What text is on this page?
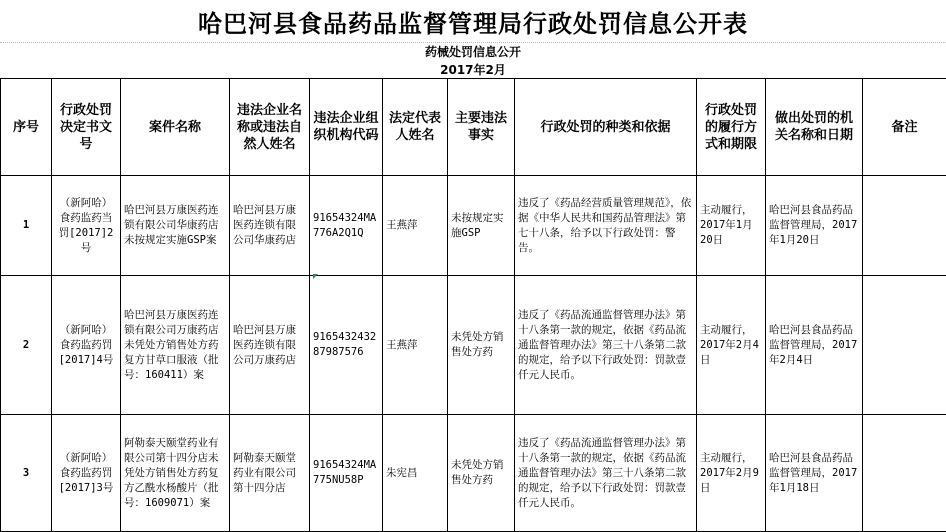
哈巴河县食品药品监督管理局行政处罚信息公开表
药械处罚信息公开
2017年2月
序号	行政处罚决定书文号	案件名称	违法企业名称或违法自然人姓名	违法企业组织机构代码	法定代表人姓名	主要违法事实	行政处罚的种类和依据	行政处罚的履行方式和期限	做出处罚的机关名称和日期	备注
1	（新阿哈）食药监药当罚[2017]2号	哈巴河县万康医药连锁有限公司华康药店未按规定实施GSP案	哈巴河县万康医药连锁有限公司华康药店	91654324MA776A2Q1Q	王燕萍	未按规定实施GSP	违反了《药品经营质量管理规范》，依据《中华人民共和国药品管理法》第七十八条，给予以下行政处罚：警告。	主动履行，2017年1月20日	哈巴河县食品药品监督管理局，2017年1月20日	
2	（新阿哈）食药监药罚[2017]4号	哈巴河县万康医药连锁有限公司万康药店未凭处方销售处方药复方甘草口服液（批号：160411）案	哈巴河县万康医药连锁有限公司万康药店	916543243287987576	王燕萍	未凭处方销售处方药	违反了《药品流通监督管理办法》第十八条第一款的规定，依据《药品流通监督管理办法》第三十八条第二款的规定，给予以下行政处罚：罚款壹仟元人民币。	主动履行，2017年2月4日	哈巴河县食品药品监督管理局，2017年2月4日	
3	（新阿哈）食药监药罚[2017]3号	阿勒泰天颐堂药业有限公司第十四分店未凭处方销售处方药复方乙酰水杨酸片（批号：1609071）案	阿勒泰天颐堂药业有限公司第十四分店	91654324MA775NU58P	朱宪昌	未凭处方销售处方药	违反了《药品流通监督管理办法》第十八条第一款的规定，依据《药品流通监督管理办法》第三十八条第二款的规定，给予以下行政处罚：罚款壹仟元人民币。	主动履行，2017年2月9日	哈巴河县食品药品监督管理局，2017年1月18日	
